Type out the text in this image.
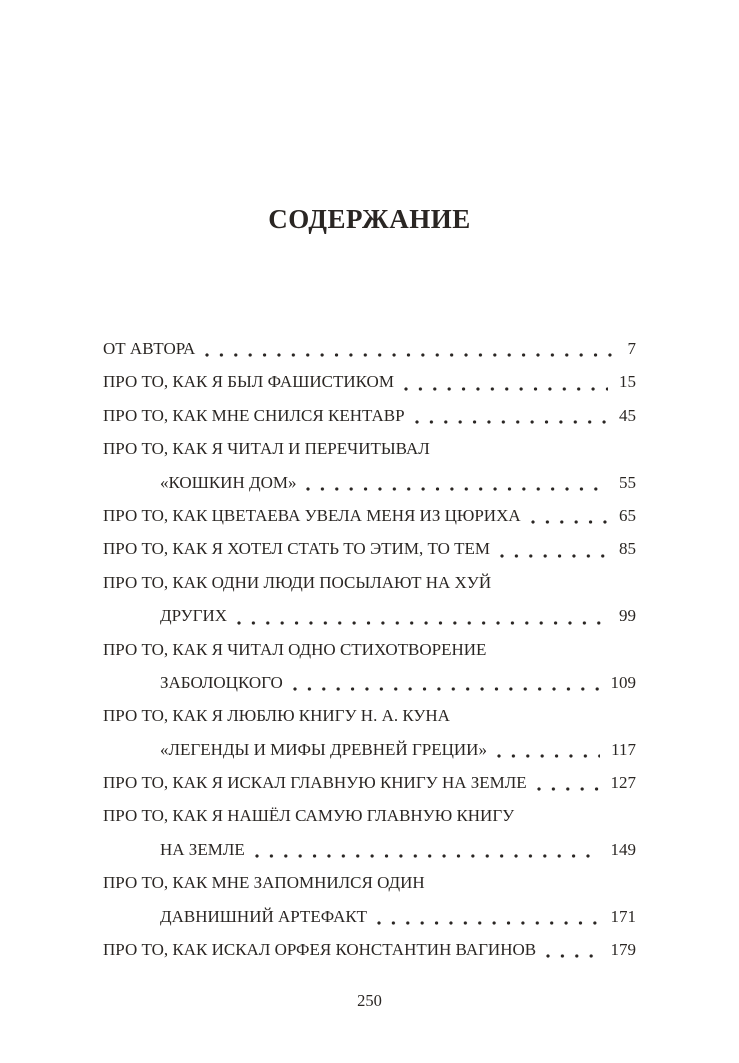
СОДЕРЖАНИЕ
ОТ АВТОРА	7
ПРО ТО, КАК Я БЫЛ ФАШИСТИКОМ	15
ПРО ТО, КАК МНЕ СНИЛСЯ КЕНТАВР	45
ПРО ТО, КАК Я ЧИТАЛ И ПЕРЕЧИТЫВАЛ
«КОШКИН ДОМ»	55
ПРО ТО, КАК ЦВЕТАЕВА УВЕЛА МЕНЯ ИЗ ЦЮРИХА	65
ПРО ТО, КАК Я ХОТЕЛ СТАТЬ ТО ЭТИМ, ТО ТЕМ	85
ПРО ТО, КАК ОДНИ ЛЮДИ ПОСЫЛАЮТ НА ХУЙ
ДРУГИХ	99
ПРО ТО, КАК Я ЧИТАЛ ОДНО СТИХОТВОРЕНИЕ
ЗАБОЛОЦКОГО	109
ПРО ТО, КАК Я ЛЮБЛЮ КНИГУ Н. А. КУНА
«ЛЕГЕНДЫ И МИФЫ ДРЕВНЕЙ ГРЕЦИИ»	117
ПРО ТО, КАК Я ИСКАЛ ГЛАВНУЮ КНИГУ НА ЗЕМЛЕ	127
ПРО ТО, КАК Я НАШЁЛ САМУЮ ГЛАВНУЮ КНИГУ
НА ЗЕМЛЕ	149
ПРО ТО, КАК МНЕ ЗАПОМНИЛСЯ ОДИН
ДАВНИШНИЙ АРТЕФАКТ	171
ПРО ТО, КАК ИСКАЛ ОРФЕЯ КОНСТАНТИН ВАГИНОВ	179
250
